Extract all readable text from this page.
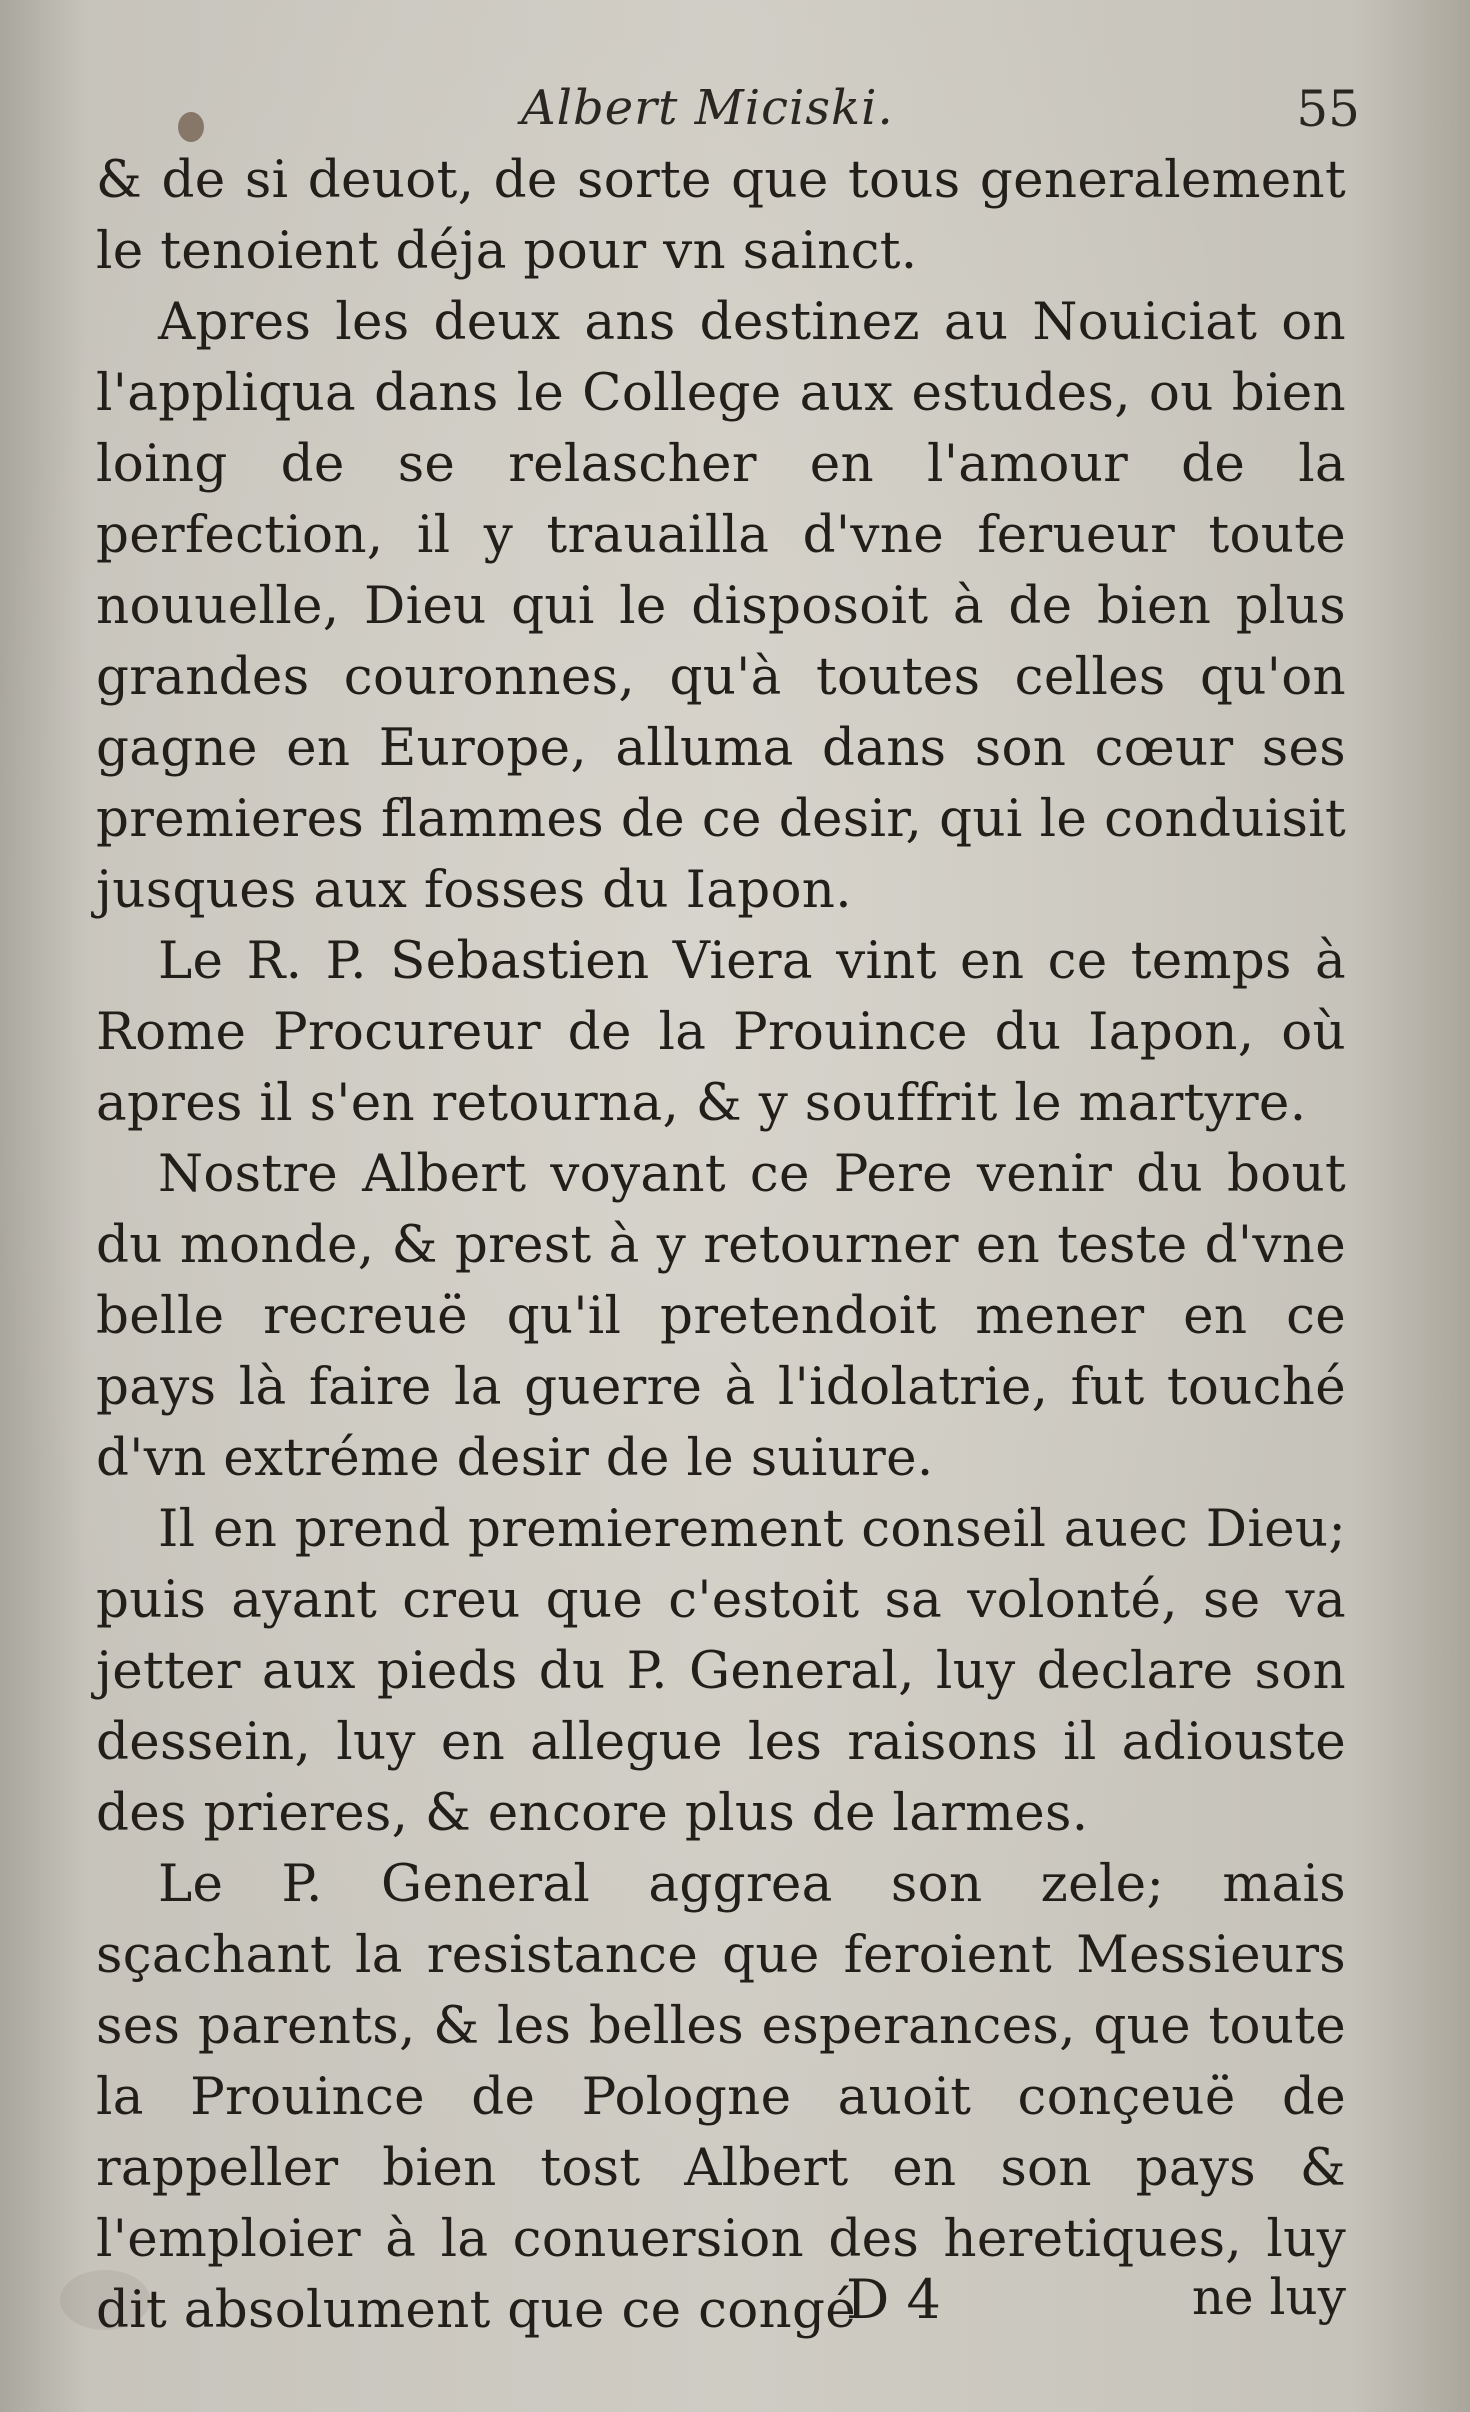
Albert Miciski.	55

& de si deuot, de sorte que tous generalement le tenoient déja pour vn sainct.

Apres les deux ans destinez au Nouiciat on l'appliqua dans le College aux estudes, ou bien loing de se relascher en l'amour de la perfection, il y trauailla d'vne ferueur toute nouuelle, Dieu qui le disposoit à de bien plus grandes couronnes, qu'à toutes celles qu'on gagne en Europe, alluma dans son cœur ses premieres flammes de ce desir, qui le conduisit jusques aux fosses du Iapon.

Le R. P. Sebastien Viera vint en ce temps à Rome Procureur de la Prouince du Iapon, où apres il s'en retourna, & y souffrit le martyre.

Nostre Albert voyant ce Pere venir du bout du monde, & prest à y retourner en teste d'vne belle recreuë qu'il pretendoit mener en ce pays là faire la guerre à l'idolatrie, fut touché d'vn extréme desir de le suiure.

Il en prend premierement conseil auec Dieu; puis ayant creu que c'estoit sa volonté, se va jetter aux pieds du P. General, luy declare son dessein, luy en allegue les raisons il adiouste des prieres, & encore plus de larmes.

Le P. General aggrea son zele; mais sçachant la resistance que feroient Messieurs ses parents, & les belles esperances, que toute la Prouince de Pologne auoit conçeuë de rappeller bien tost Albert en son pays & l'emploier à la conuersion des heretiques, luy dit absolument que ce congé

D 4	ne luy
